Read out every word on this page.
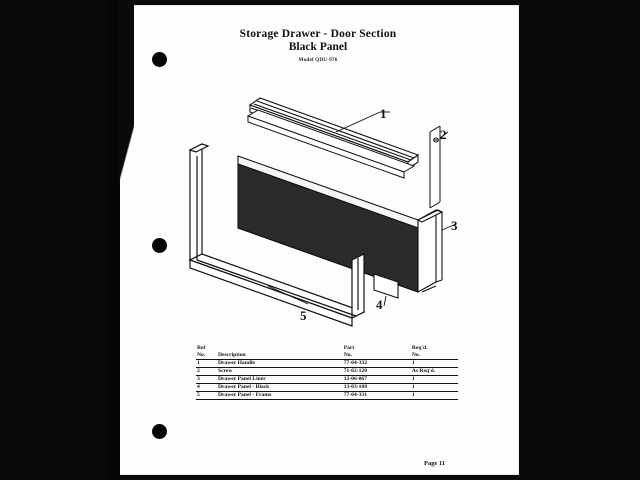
Storage Drawer - Door Section
Black Panel
Model QDU-976
1
2
3
4
5
Ref		Part	Req'd.
No.	Description	No.	No.
1	Drawer Handle	77-04-332	1
2	Screw	71-02-120	As Req'd.
3	Drawer Panel Liner	12-06-067	1
4	Drawer Panel - Black	13-03-108	1
5	Drawer Panel - Frame	77-04-331	1
Page 11
